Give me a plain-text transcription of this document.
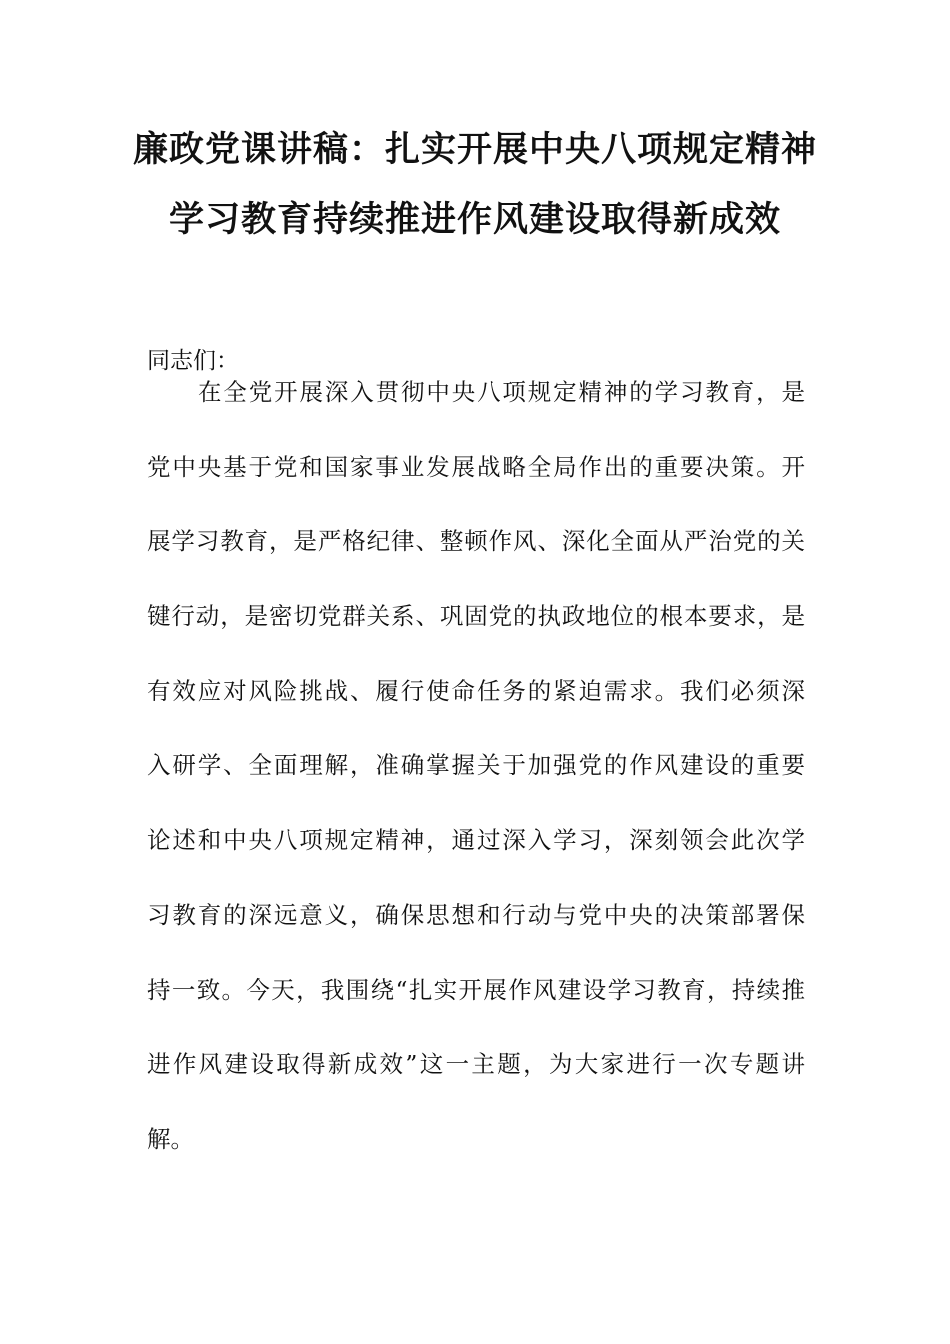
廉政党课讲稿：扎实开展中央八项规定精神
学习教育持续推进作风建设取得新成效
同志们：
在全党开展深入贯彻中央八项规定精神的学习教育，是
党中央基于党和国家事业发展战略全局作出的重要决策。开
展学习教育，是严格纪律、整顿作风、深化全面从严治党的关
键行动，是密切党群关系、巩固党的执政地位的根本要求，是
有效应对风险挑战、履行使命任务的紧迫需求。我们必须深
入研学、全面理解，准确掌握关于加强党的作风建设的重要
论述和中央八项规定精神，通过深入学习，深刻领会此次学
习教育的深远意义，确保思想和行动与党中央的决策部署保
持一致。今天，我围绕“扎实开展作风建设学习教育，持续推
进作风建设取得新成效”这一主题，为大家进行一次专题讲
解。
